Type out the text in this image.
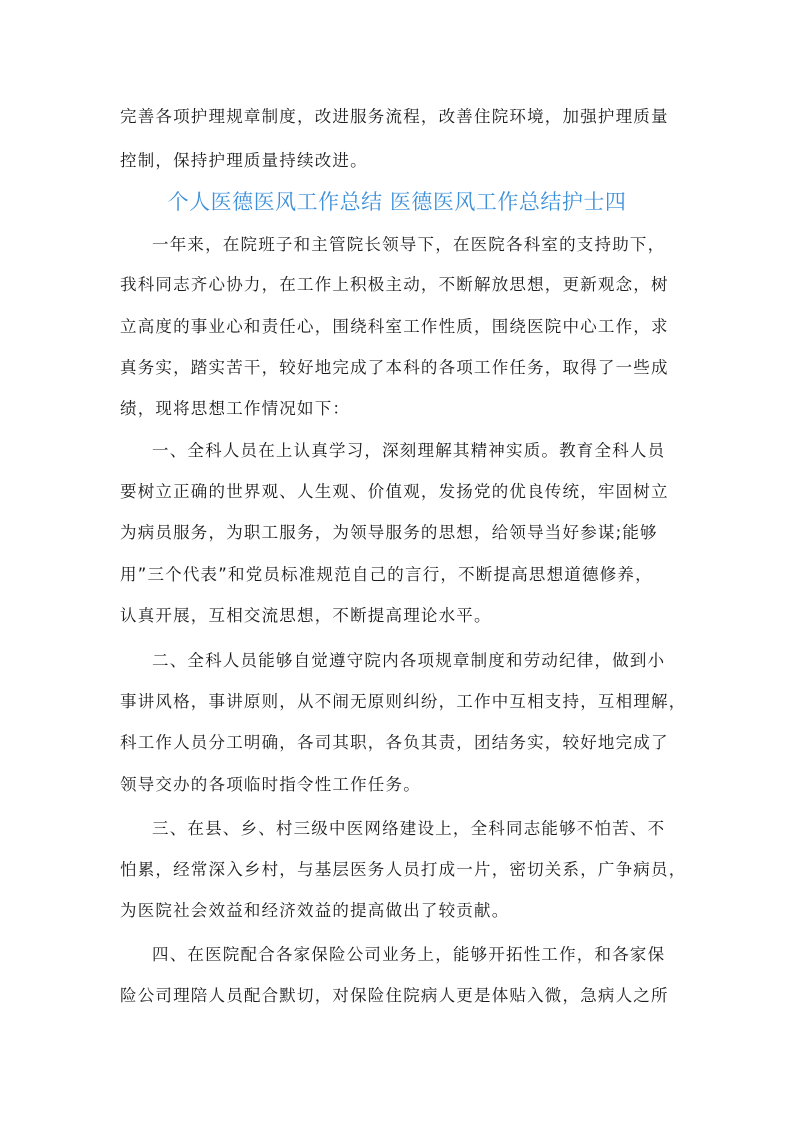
完善各项护理规章制度，改进服务流程，改善住院环境，加强护理质量
控制，保持护理质量持续改进。
个人医德医风工作总结 医德医风工作总结护士四
一年来，在院班子和主管院长领导下，在医院各科室的支持助下，
我科同志齐心协力，在工作上积极主动，不断解放思想，更新观念，树
立高度的事业心和责任心，围绕科室工作性质，围绕医院中心工作，求
真务实，踏实苦干，较好地完成了本科的各项工作任务，取得了一些成
绩，现将思想工作情况如下：
一、全科人员在上认真学习，深刻理解其精神实质。教育全科人员
要树立正确的世界观、人生观、价值观，发扬党的优良传统，牢固树立
为病员服务，为职工服务，为领导服务的思想，给领导当好参谋;能够
用”三个代表”和党员标准规范自己的言行，不断提高思想道德修养，
认真开展，互相交流思想，不断提高理论水平。
二、全科人员能够自觉遵守院内各项规章制度和劳动纪律，做到小
事讲风格，事讲原则，从不闹无原则纠纷，工作中互相支持，互相理解，
科工作人员分工明确，各司其职，各负其责，团结务实，较好地完成了
领导交办的各项临时指令性工作任务。
三、在县、乡、村三级中医网络建设上，全科同志能够不怕苦、不
怕累，经常深入乡村，与基层医务人员打成一片，密切关系，广争病员，
为医院社会效益和经济效益的提高做出了较贡献。
四、在医院配合各家保险公司业务上，能够开拓性工作，和各家保
险公司理陪人员配合默切，对保险住院病人更是体贴入微，急病人之所
